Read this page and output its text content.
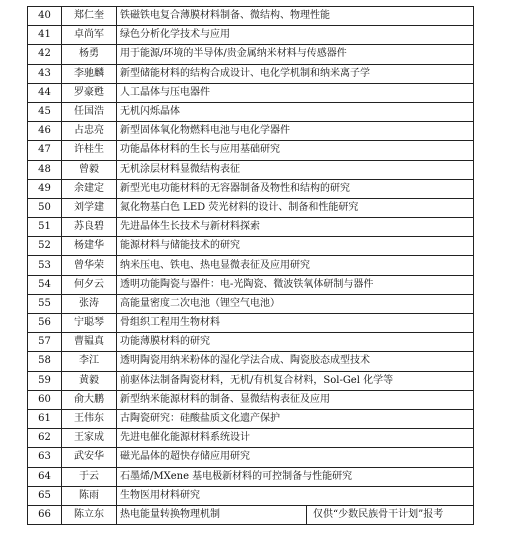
40	郑仁奎	铁磁铁电复合薄膜材料制备、微结构、物理性能	
41	卓尚军	绿色分析化学技术与应用	
42	杨勇	用于能源/环境的半导体/贵金属纳米材料与传感器件	
43	李驰麟	新型储能材料的结构合成设计、电化学机制和纳米离子学	
44	罗豪甦	人工晶体与压电器件	
45	任国浩	无机闪烁晶体	
46	占忠亮	新型固体氧化物燃料电池与电化学器件	
47	许桂生	功能晶体材料的生长与应用基础研究	
48	曾毅	无机涂层材料显微结构表征	
49	余建定	新型光电功能材料的无容器制备及物性和结构的研究	
50	刘学建	氮化物基白色 LED 荧光材料的设计、制备和性能研究	
51	苏良碧	先进晶体生长技术与新材料探索	
52	杨建华	能源材料与储能技术的研究	
53	曾华荣	纳米压电、铁电、热电显微表征及应用研究	
54	何夕云	透明功能陶瓷与器件：电-光陶瓷、微波铁氧体研制与器件	
55	张涛	高能量密度二次电池（锂空气电池）	
56	宁聪琴	骨组织工程用生物材料	
57	曹韫真	功能薄膜材料的研究	
58	李江	透明陶瓷用纳米粉体的湿化学法合成、陶瓷胶态成型技术	
59	黄毅	前驱体法制备陶瓷材料，无机/有机复合材料，Sol-Gel 化学等	
60	俞大鹏	新型纳米能源材料的制备、显微结构表征及应用	
61	王伟东	古陶瓷研究：硅酸盐质文化遗产保护	
62	王家成	先进电催化能源材料系统设计	
63	武安华	磁光晶体的超快存储应用研究	
64	于云	石墨烯/MXene 基电极新材料的可控制备与性能研究	
65	陈雨	生物医用材料研究	
66	陈立东	热电能量转换物理机制	仅供“少数民族骨干计划”报考
